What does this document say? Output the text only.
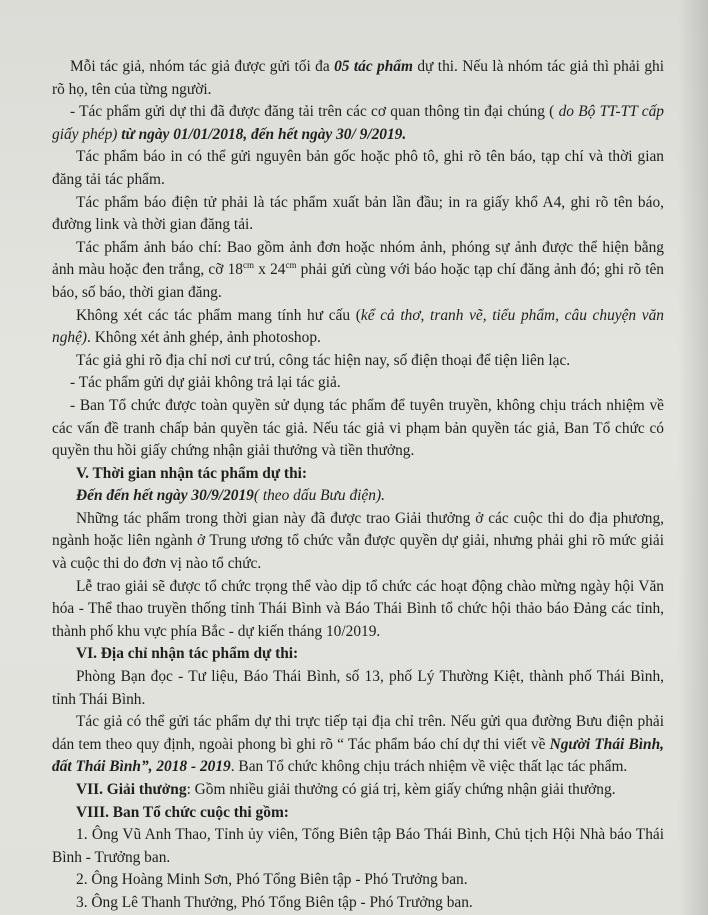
Mỗi tác giả, nhóm tác giả được gửi tối đa 05 tác phẩm dự thi. Nếu là nhóm tác giả thì phải ghi rõ họ, tên của từng người.

- Tác phẩm gửi dự thi đã được đăng tải trên các cơ quan thông tin đại chúng ( do Bộ TT-TT cấp giấy phép) từ ngày 01/01/2018, đến hết ngày 30/ 9/2019.

Tác phẩm báo in có thể gửi nguyên bản gốc hoặc phô tô, ghi rõ tên báo, tạp chí và thời gian đăng tải tác phẩm.

Tác phẩm báo điện tử phải là tác phẩm xuất bản lần đầu; in ra giấy khổ A4, ghi rõ tên báo, đường link và thời gian đăng tải.

Tác phẩm ảnh báo chí: Bao gồm ảnh đơn hoặc nhóm ảnh, phóng sự ảnh được thể hiện bằng ảnh màu hoặc đen trắng, cỡ $18^{cm}$ x $24^{cm}$ phải gửi cùng với báo hoặc tạp chí đăng ảnh đó; ghi rõ tên báo, số báo, thời gian đăng.

Không xét các tác phẩm mang tính hư cấu (kể cả thơ, tranh vẽ, tiểu phẩm, câu chuyện văn nghệ). Không xét ảnh ghép, ảnh photoshop.

Tác giả ghi rõ địa chỉ nơi cư trú, công tác hiện nay, số điện thoại để tiện liên lạc.

- Tác phẩm gửi dự giải không trả lại tác giả.

- Ban Tổ chức được toàn quyền sử dụng tác phẩm để tuyên truyền, không chịu trách nhiệm về các vấn đề tranh chấp bản quyền tác giả. Nếu tác giả vi phạm bản quyền tác giả, Ban Tổ chức có quyền thu hồi giấy chứng nhận giải thưởng và tiền thưởng.

V. Thời gian nhận tác phẩm dự thi:

Đến đến hết ngày 30/9/2019( theo dấu Bưu điện).

Những tác phẩm trong thời gian này đã được trao Giải thưởng ở các cuộc thi do địa phương, ngành hoặc liên ngành ở Trung ương tổ chức vẫn được quyền dự giải, nhưng phải ghi rõ mức giải và cuộc thi do đơn vị nào tổ chức.

Lễ trao giải sẽ được tổ chức trọng thể vào dịp tổ chức các hoạt động chào mừng ngày hội Văn hóa - Thể thao truyền thống tỉnh Thái Bình và Báo Thái Bình tổ chức hội thảo báo Đảng các tỉnh, thành phố khu vực phía Bắc - dự kiến tháng 10/2019.

VI. Địa chỉ nhận tác phẩm dự thi:

Phòng Bạn đọc - Tư liệu, Báo Thái Bình, số 13, phố Lý Thường Kiệt, thành phố Thái Bình, tỉnh Thái Bình.

Tác giả có thể gửi tác phẩm dự thi trực tiếp tại địa chỉ trên. Nếu gửi qua đường Bưu điện phải dán tem theo quy định, ngoài phong bì ghi rõ “ Tác phẩm báo chí dự thi viết về Người Thái Bình, đất Thái Bình”, 2018 - 2019. Ban Tổ chức không chịu trách nhiệm về việc thất lạc tác phẩm.

VII. Giải thưởng: Gồm nhiều giải thưởng có giá trị, kèm giấy chứng nhận giải thưởng.

VIII. Ban Tổ chức cuộc thi gồm:

1. Ông Vũ Anh Thao, Tỉnh ủy viên, Tổng Biên tập Báo Thái Bình, Chủ tịch Hội Nhà báo Thái Bình - Trưởng ban.

2. Ông Hoàng Minh Sơn, Phó Tổng Biên tập - Phó Trưởng ban.

3. Ông Lê Thanh Thưởng, Phó Tổng Biên tập - Phó Trưởng ban.
